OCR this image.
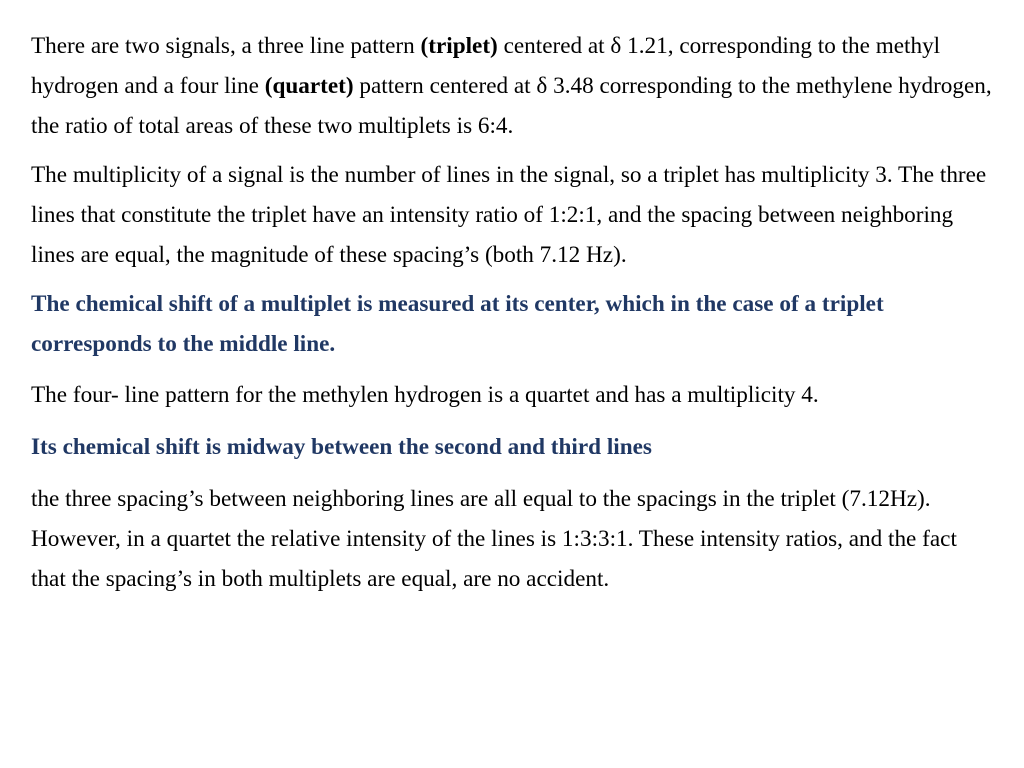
There are two signals, a three line pattern (triplet) centered at δ 1.21, corresponding to the methyl hydrogen and a four line (quartet) pattern centered at δ 3.48 corresponding to the methylene hydrogen, the ratio of total areas of these two multiplets is 6:4.

The multiplicity of a signal is the number of lines in the signal, so a triplet has multiplicity 3. The three lines that constitute the triplet have an intensity ratio of 1:2:1, and the spacing between neighboring lines are equal, the magnitude of these spacing’s (both 7.12 Hz).

The chemical shift of a multiplet is measured at its center, which in the case of a triplet corresponds to the middle line.

The four- line pattern for the methylen hydrogen is a quartet and has a multiplicity 4.

Its chemical shift is midway between the second and third lines

the three spacing’s between neighboring lines are all equal to the spacings in the triplet (7.12Hz). However, in a quartet the relative intensity of the lines is 1:3:3:1. These intensity ratios, and the fact that the spacing’s in both multiplets are equal, are no accident.
